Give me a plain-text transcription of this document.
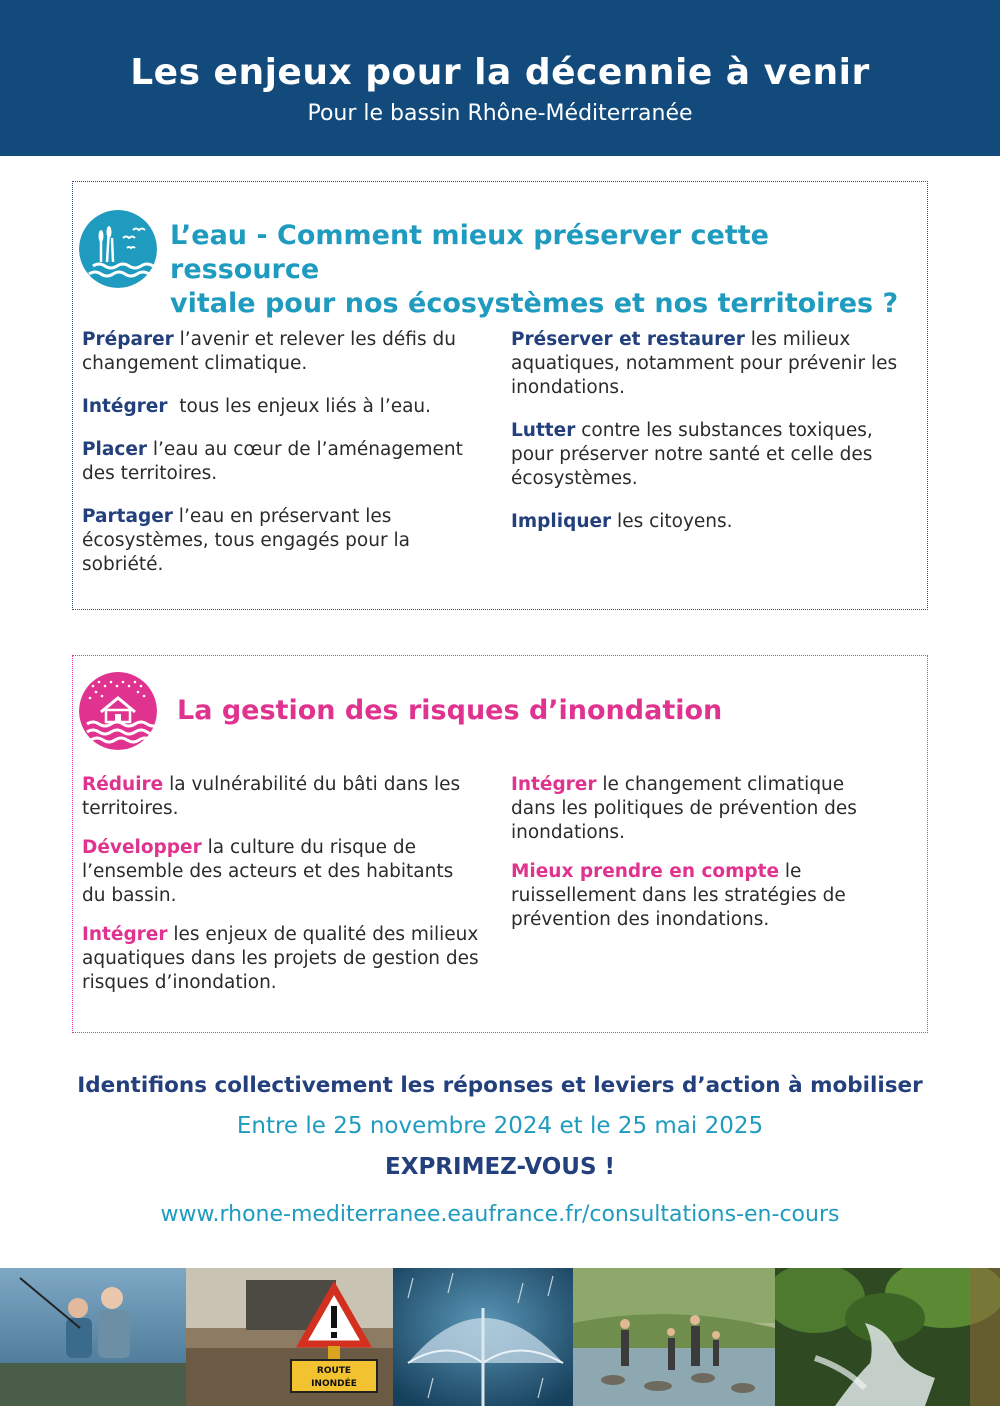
Les enjeux pour la décennie à venir
Pour le bassin Rhône-Méditerranée
L’eau - Comment mieux préserver cette ressource
vitale pour nos écosystèmes et nos territoires ?

Préparer l’avenir et relever les défis du changement climatique.

Intégrer  tous les enjeux liés à l’eau.

Placer l’eau au cœur de l’aménagement des territoires.

Partager l’eau en préservant les écosystèmes, tous engagés pour la sobriété.

Préserver et restaurer les milieux aquatiques, notamment pour prévenir les inondations.

Lutter contre les substances toxiques, pour préserver notre santé et celle des écosystèmes.

Impliquer les citoyens.

La gestion des risques d’inondation

Réduire la vulnérabilité du bâti dans les territoires.

Développer la culture du risque de l’ensemble des acteurs et des habitants du bassin.

Intégrer les enjeux de qualité des milieux aquatiques dans les projets de gestion des risques d’inondation.

Intégrer le changement climatique dans les politiques de prévention des inondations.

Mieux prendre en compte le ruissellement dans les stratégies de prévention des inondations.

Identifions collectivement les réponses et leviers d’action à mobiliser
Entre le 25 novembre 2024 et le 25 mai 2025
EXPRIMEZ-VOUS !
www.rhone-mediterranee.eaufrance.fr/consultations-en-cours
ROUTE
INONDÉE
